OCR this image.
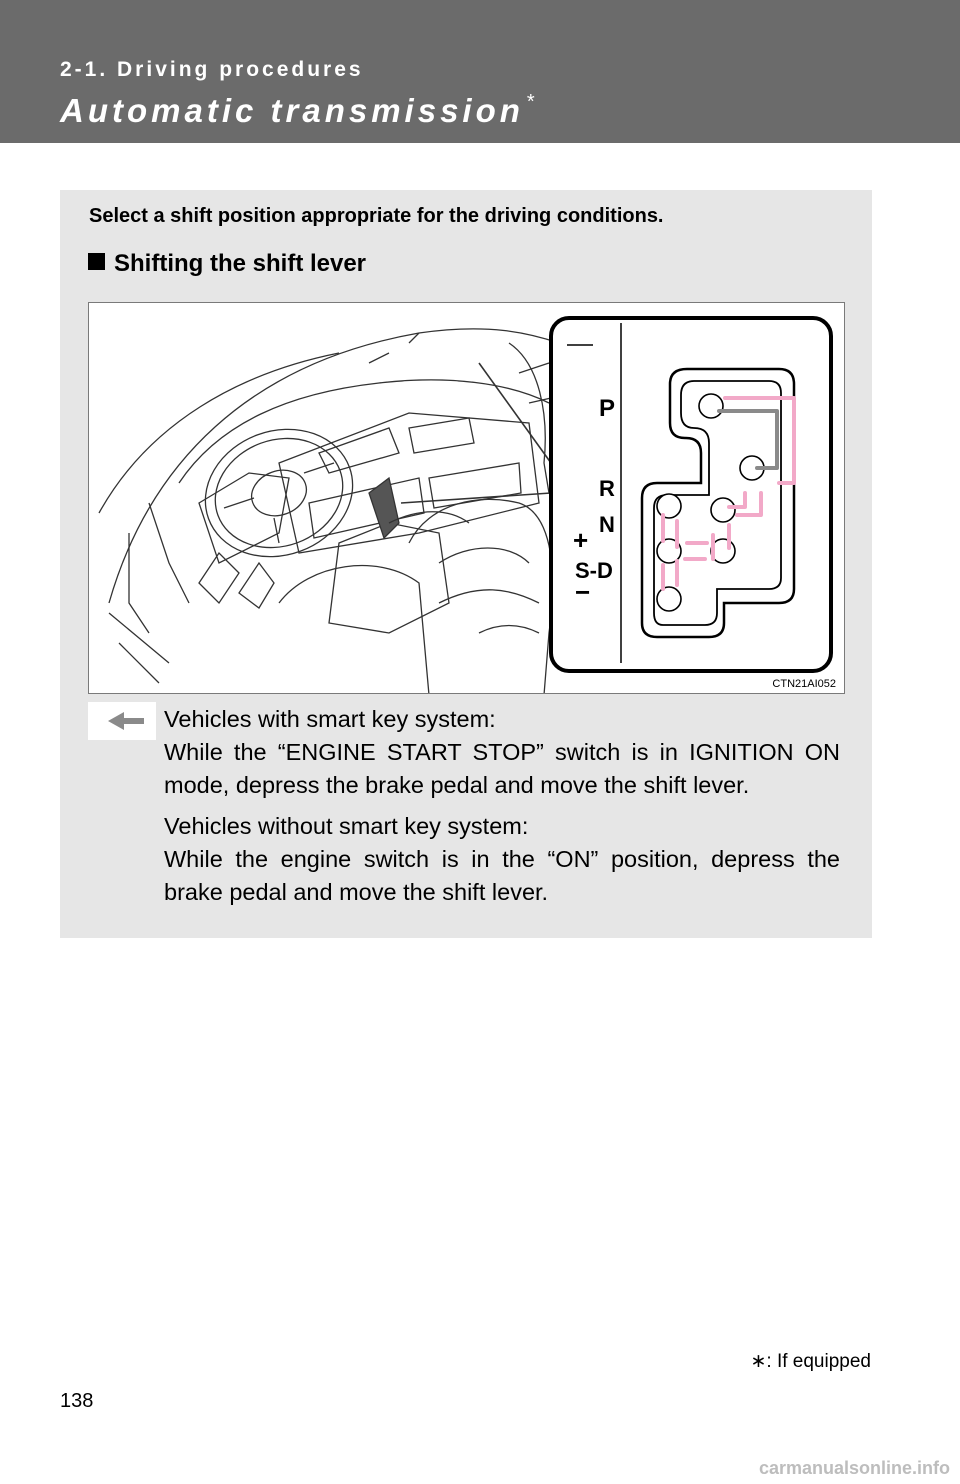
2-1. Driving procedures
Automatic transmission *
Select a shift position appropriate for the driving conditions.
Shifting the shift lever
P
R
N
+
S-D
−
CTN21AI052

Vehicles with smart key system:
While the “ENGINE START STOP” switch is in IGNITION ON mode, depress the brake pedal and move the shift lever.

Vehicles without smart key system:
While the engine switch is in the “ON” position, depress the brake pedal and move the shift lever.

∗: If equipped
138
carmanualsonline.info
